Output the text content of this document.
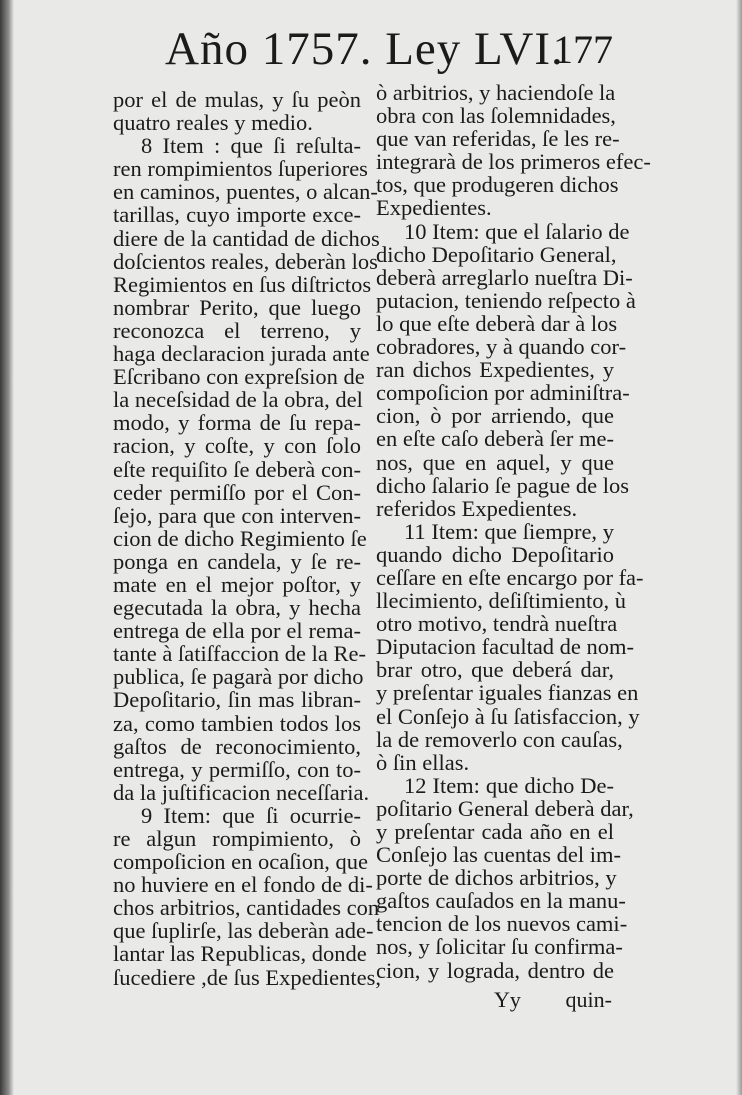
Año 1757. Ley LVI.
177
por el de mulas, y ſu peòn
quatro reales y medio.
8 Item : que ſi reſulta-
ren rompimientos ſuperiores
en caminos, puentes, o alcan-
tarillas, cuyo importe exce-
diere de la cantidad de dichos
doſcientos reales, deberàn los
Regimientos en ſus diſtrictos
nombrar Perito, que luego
reconozca el terreno, y
haga declaracion jurada ante
Eſcribano con expreſsion de
la neceſsidad de la obra, del
modo, y forma de ſu repa-
racion, y coſte, y con ſolo
eſte requiſito ſe deberà con-
ceder permiſſo por el Con-
ſejo, para que con interven-
cion de dicho Regimiento ſe
ponga en candela, y ſe re-
mate en el mejor poſtor, y
egecutada la obra, y hecha
entrega de ella por el rema-
tante à ſatiſfaccion de la Re-
publica, ſe pagarà por dicho
Depoſitario, ſin mas libran-
za, como tambien todos los
gaſtos de reconocimiento,
entrega, y permiſſo, con to-
da la juſtificacion neceſſaria.
9 Item: que ſi ocurrie-
re algun rompimiento, ò
compoſicion en ocaſion, que
no huviere en el fondo de di-
chos arbitrios, cantidades con
que ſuplirſe, las deberàn ade-
lantar las Republicas, donde
ſucediere ,de ſus Expedientes,
ò arbitrios, y haciendoſe la
obra con las ſolemnidades,
que van referidas, ſe les re-
integrarà de los primeros efec-
tos, que produgeren dichos
Expedientes.
10 Item: que el ſalario de
dicho Depoſitario General,
deberà arreglarlo nueſtra Di-
putacion, teniendo reſpecto à
lo que eſte deberà dar à los
cobradores, y à quando cor-
ran dichos Expedientes, y
compoſicion por adminiſtra-
cion, ò por arriendo, que
en eſte caſo deberà ſer me-
nos, que en aquel, y que
dicho ſalario ſe pague de los
referidos Expedientes.
11 Item: que ſiempre, y
quando dicho Depoſitario
ceſſare en eſte encargo por fa-
llecimiento, deſiſtimiento, ù
otro motivo, tendrà nueſtra
Diputacion facultad de nom-
brar otro, que deberá dar,
y preſentar iguales fianzas en
el Conſejo à ſu ſatisfaccion, y
la de removerlo con cauſas,
ò ſin ellas.
12 Item: que dicho De-
poſitario General deberà dar,
y preſentar cada año en el
Conſejo las cuentas del im-
porte de dichos arbitrios, y
gaſtos cauſados en la manu-
tencion de los nuevos cami-
nos, y ſolicitar ſu confirma-
cion, y lograda, dentro de
Yy quin-
